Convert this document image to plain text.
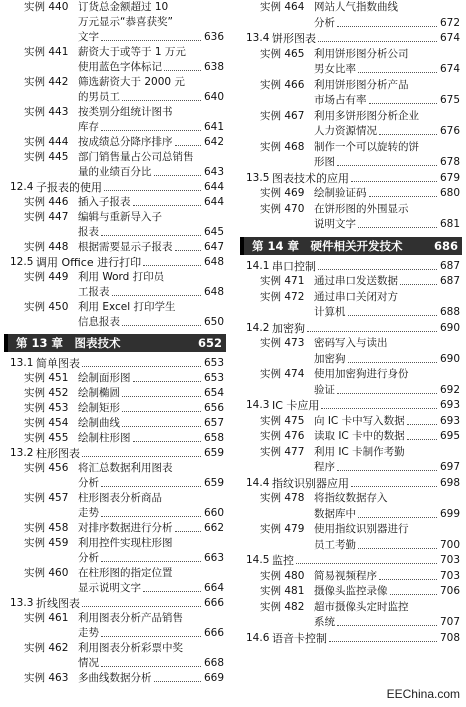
实例 440 订货总金额超过 10
万元显示“恭喜获奖”
文字	636
实例 441 薪资大于或等于 1 万元
使用蓝色字体标记	638
实例 442 筛选薪资大于 2000 元
的男员工	640
实例 443 按类别分组统计图书
库存	641
实例 444 按成绩总分降序排序	642
实例 445 部门销售量占公司总销售
量的业绩百分比	643
12.4 子报表的使用	644
实例 446 插入子报表	644
实例 447 编辑与重新导入子
报表	645
实例 448 根据需要显示子报表	647
12.5 调用 Office 进行打印	648
实例 449 利用 Word 打印员
工报表	648
实例 450 利用 Excel 打印学生
信息报表	650
第 13 章　图表技术	652
13.1 简单图表	653
实例 451 绘制面形图	653
实例 452 绘制椭圆	654
实例 453 绘制矩形	656
实例 454 绘制曲线	657
实例 455 绘制柱形图	658
13.2 柱形图表	659
实例 456 将汇总数据利用图表
分析	659
实例 457 柱形图表分析商品
走势	660
实例 458 对排序数据进行分析	662
实例 459 利用控件实现柱形图
分析	663
实例 460 在柱形图的指定位置
显示说明文字	664
13.3 折线图表	666
实例 461 利用图表分析产品销售
走势	666
实例 462 利用图表分析彩票中奖
情况	668
实例 463 多曲线数据分析	669
实例 464 网站人气指数曲线
分析	672
13.4 饼形图表	674
实例 465 利用饼形图分析公司
男女比率	674
实例 466 利用饼形图分析产品
市场占有率	675
实例 467 利用多饼形图分析企业
人力资源情况	676
实例 468 制作一个可以旋转的饼
形图	678
13.5 图表技术的应用	679
实例 469 绘制验证码	680
实例 470 在饼形图的外围显示
说明文字	681
第 14 章　硬件相关开发技术	686
14.1 串口控制	687
实例 471 通过串口发送数据	687
实例 472 通过串口关闭对方
计算机	688
14.2 加密狗	690
实例 473 密码写入与读出
加密狗	690
实例 474 使用加密狗进行身份
验证	692
14.3 IC 卡应用	693
实例 475 向 IC 卡中写入数据	693
实例 476 读取 IC 卡中的数据	695
实例 477 利用 IC 卡制作考勤
程序	697
14.4 指纹识别器应用	698
实例 478 将指纹数据存入
数据库中	699
实例 479 使用指纹识别器进行
员工考勤	700
14.5 监控	703
实例 480 简易视频程序	703
实例 481 摄像头监控录像	706
实例 482 超市摄像头定时监控
系统	707
14.6 语音卡控制	708
EEChina.com
